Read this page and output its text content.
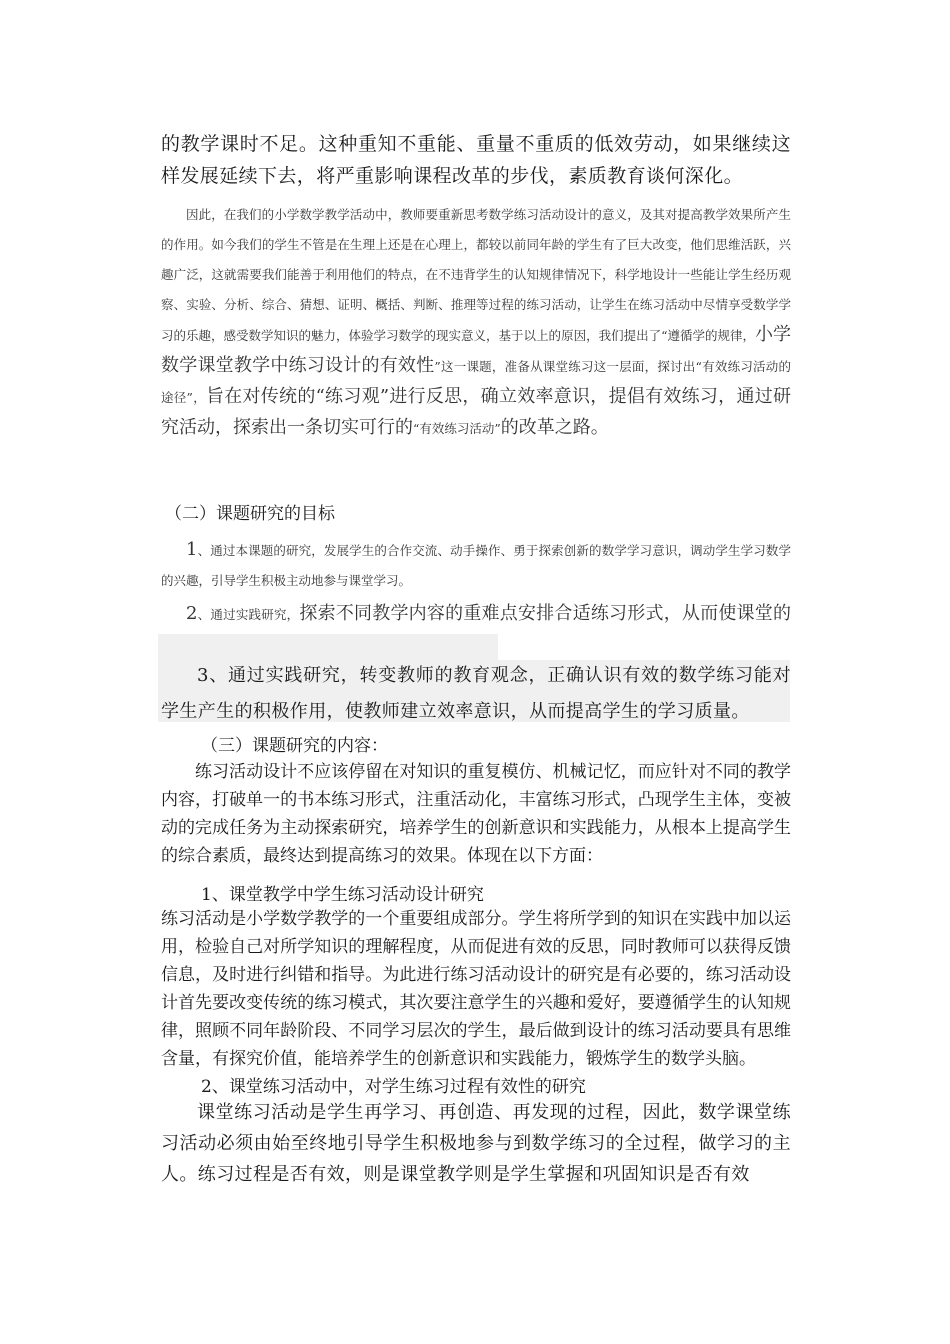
的教学课时不足。这种重知不重能、重量不重质的低效劳动，如果继续这样发展延续下去，将严重影响课程改革的步伐，素质教育谈何深化。

因此，在我们的小学数学教学活动中，教师要重新思考数学练习活动设计的意义，及其对提高教学效果所产生的作用。如今我们的学生不管是在生理上还是在心理上，都较以前同年龄的学生有了巨大改变，他们思维活跃，兴趣广泛，这就需要我们能善于利用他们的特点，在不违背学生的认知规律情况下，科学地设计一些能让学生经历观察、实验、分析、综合、猜想、证明、概括、判断、推理等过程的练习活动，让学生在练习活动中尽情享受数学学习的乐趣，感受数学知识的魅力，体验学习数学的现实意义，基于以上的原因，我们提出了“遵循学的规律，小学数学课堂教学中练习设计的有效性”这一课题，准备从课堂练习这一层面，探讨出“有效练习活动的途径”，旨在对传统的“练习观”进行反思，确立效率意识，提倡有效练习，通过研究活动，探索出一条切实可行的“有效练习活动”的改革之路。

（二）课题研究的目标

1、通过本课题的研究，发展学生的合作交流、动手操作、勇于探索创新的数学学习意识，调动学生学习数学的兴趣，引导学生积极主动地参与课堂学习。

2、通过实践研究，探索不同教学内容的重难点安排合适练习形式，从而使课堂的

3、通过实践研究，转变教师的教育观念，正确认识有效的数学练习能对学生产生的积极作用，使教师建立效率意识，从而提高学生的学习质量。

（三）课题研究的内容：

练习活动设计不应该停留在对知识的重复模仿、机械记忆，而应针对不同的教学内容，打破单一的书本练习形式，注重活动化，丰富练习形式，凸现学生主体，变被动的完成任务为主动探索研究，培养学生的创新意识和实践能力，从根本上提高学生的综合素质，最终达到提高练习的效果。体现在以下方面：

1、课堂教学中学生练习活动设计研究

练习活动是小学数学教学的一个重要组成部分。学生将所学到的知识在实践中加以运用，检验自己对所学知识的理解程度，从而促进有效的反思，同时教师可以获得反馈信息，及时进行纠错和指导。为此进行练习活动设计的研究是有必要的，练习活动设计首先要改变传统的练习模式，其次要注意学生的兴趣和爱好，要遵循学生的认知规律，照顾不同年龄阶段、不同学习层次的学生，最后做到设计的练习活动要具有思维含量，有探究价值，能培养学生的创新意识和实践能力，锻炼学生的数学头脑。

2、课堂练习活动中，对学生练习过程有效性的研究

课堂练习活动是学生再学习、再创造、再发现的过程，因此，数学课堂练习活动必须由始至终地引导学生积极地参与到数学练习的全过程，做学习的主人。练习过程是否有效，则是课堂教学则是学生掌握和巩固知识是否有效
